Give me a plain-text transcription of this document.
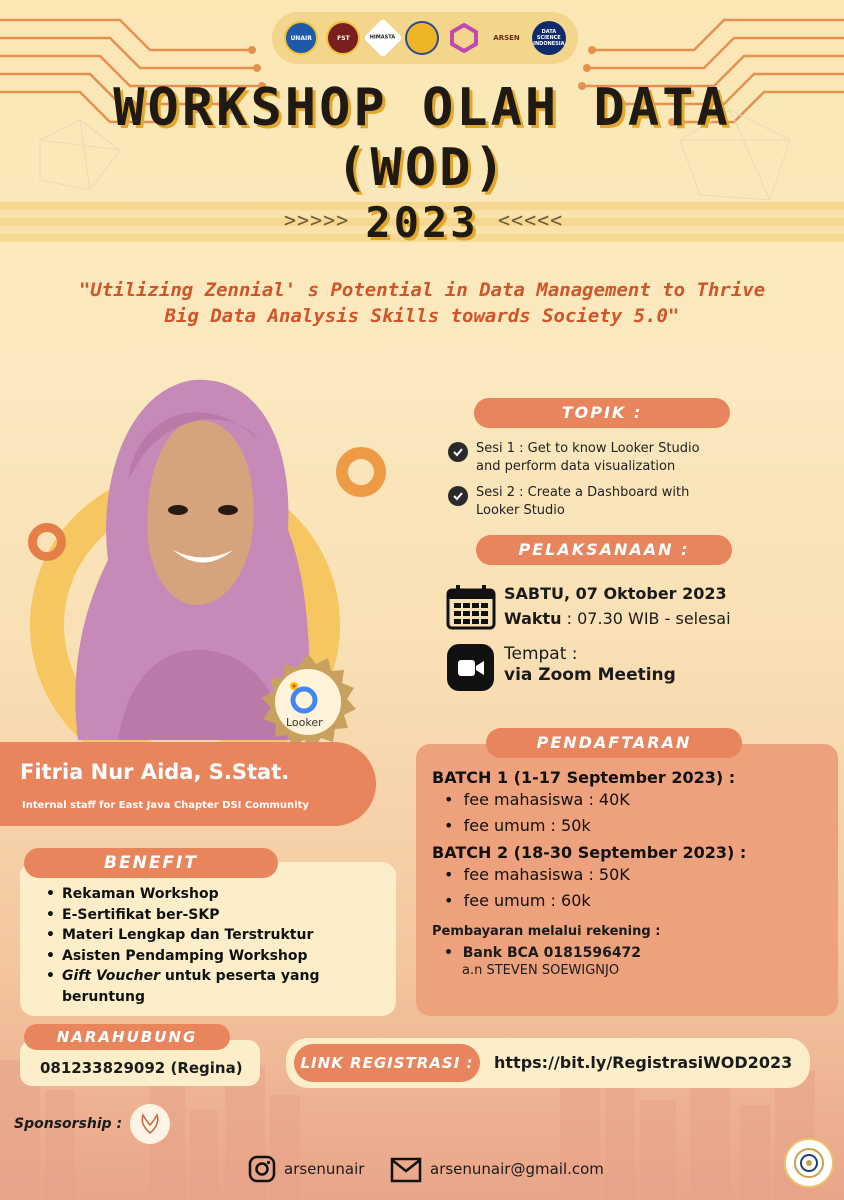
UNAIR	FST	HIMASTA	ARSEN
DATA SCIENCE INDONESIA
WORKSHOP OLAH DATA
(WOD)
>>>>> 2023 <<<<<
"Utilizing Zennial' s Potential in Data Management to Thrive
Big Data Analysis Skills towards Society 5.0"
Looker
Fitria Nur Aida, S.Stat.
Internal staff for East Java Chapter DSI Community
TOPIK :
Sesi 1 : Get to know Looker Studio
and perform data visualization
Sesi 2 : Create a Dashboard with
Looker Studio
PELAKSANAAN :
SABTU, 07 Oktober 2023
Waktu : 07.30 WIB - selesai
Tempat :
via Zoom Meeting
PENDAFTARAN
BATCH 1 (1-17 September 2023) :
•  fee mahasiswa : 40K
•  fee umum : 50k
BATCH 2 (18-30 September 2023) :
•  fee mahasiswa : 50K
•  fee umum : 60k
Pembayaran melalui rekening :
•  Bank BCA 0181596472
a.n STEVEN SOEWIGNJO
BENEFIT
• Rekaman Workshop
• E-Sertifikat ber-SKP
• Materi Lengkap dan Terstruktur
• Asisten Pendamping Workshop
• Gift Voucher untuk peserta yang
beruntung
NARAHUBUNG
081233829092 (Regina)	LINK REGISTRASI :	https://bit.ly/RegistrasiWOD2023
Sponsorship :
arsenunair	arsenunair@gmail.com
